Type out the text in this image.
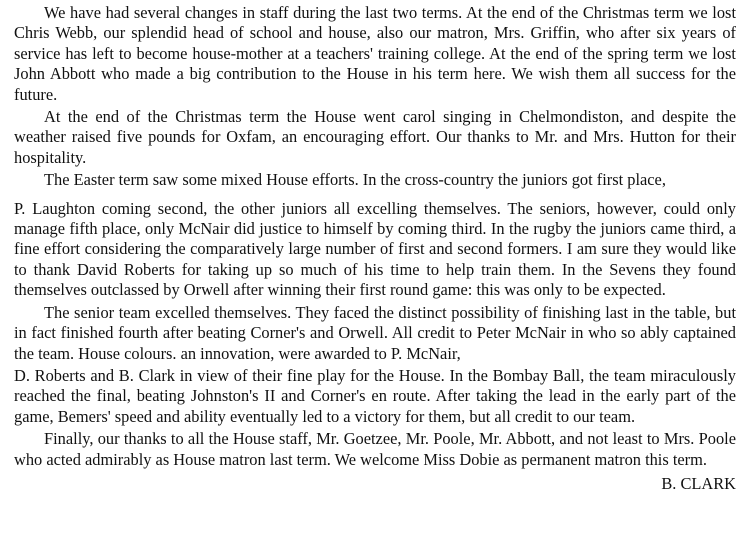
We have had several changes in staff during the last two terms. At the end of the Christmas term we lost Chris Webb, our splendid head of school and house, also our matron, Mrs. Griffin, who after six years of service has left to become house-mother at a teachers' training college. At the end of the spring term we lost John Abbott who made a big contribution to the House in his term here. We wish them all success for the future.

At the end of the Christmas term the House went carol singing in Chelmondiston, and despite the weather raised five pounds for Oxfam, an encouraging effort. Our thanks to Mr. and Mrs. Hutton for their hospitality.

The Easter term saw some mixed House efforts. In the cross-country the juniors got first place,

P. Laughton coming second, the other juniors all excelling themselves. The seniors, however, could only manage fifth place, only McNair did justice to himself by coming third. In the rugby the juniors came third, a fine effort considering the comparatively large number of first and second formers. I am sure they would like to thank David Roberts for taking up so much of his time to help train them. In the Sevens they found themselves outclassed by Orwell after winning their first round game: this was only to be expected.

The senior team excelled themselves. They faced the distinct possibility of finishing last in the table, but in fact finished fourth after beating Corner's and Orwell. All credit to Peter McNair in who so ably captained the team. House colours. an innovation, were awarded to P. McNair,

D. Roberts and B. Clark in view of their fine play for the House. In the Bombay Ball, the team miraculously reached the final, beating Johnston's II and Corner's en route. After taking the lead in the early part of the game, Bemers' speed and ability eventually led to a victory for them, but all credit to our team.

Finally, our thanks to all the House staff, Mr. Goetzee, Mr. Poole, Mr. Abbott, and not least to Mrs. Poole who acted admirably as House matron last term. We welcome Miss Dobie as permanent matron this term.

B. CLARK
